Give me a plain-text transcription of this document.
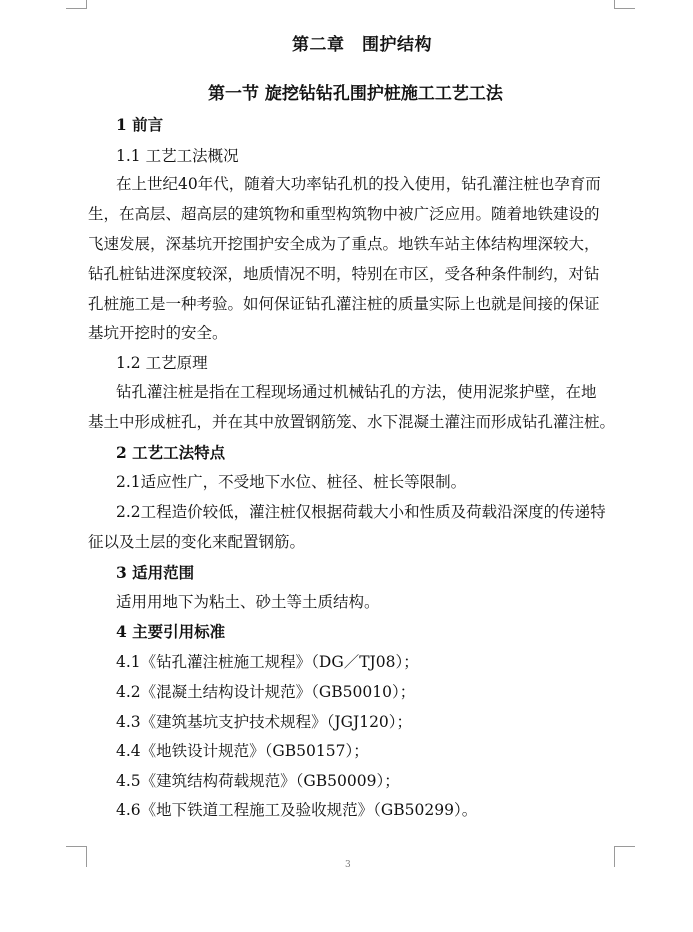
第二章　围护结构
第一节 旋挖钻钻孔围护桩施工工艺工法
1 前言
1.1 工艺工法概况
在上世纪40年代，随着大功率钻孔机的投入使用，钻孔灌注桩也孕育而
生，在高层、超高层的建筑物和重型构筑物中被广泛应用。随着地铁建设的
飞速发展，深基坑开挖围护安全成为了重点。地铁车站主体结构埋深较大，
钻孔桩钻进深度较深，地质情况不明，特别在市区，受各种条件制约，对钻
孔桩施工是一种考验。如何保证钻孔灌注桩的质量实际上也就是间接的保证
基坑开挖时的安全。
1.2 工艺原理
钻孔灌注桩是指在工程现场通过机械钻孔的方法，使用泥浆护壁，在地
基土中形成桩孔，并在其中放置钢筋笼、水下混凝土灌注而形成钻孔灌注桩。
2 工艺工法特点
2.1适应性广，不受地下水位、桩径、桩长等限制。
2.2工程造价较低，灌注桩仅根据荷载大小和性质及荷载沿深度的传递特
征以及土层的变化来配置钢筋。
3 适用范围
适用用地下为粘土、砂土等土质结构。
4 主要引用标准
4.1《钻孔灌注桩施工规程》（DG／TJ08）；
4.2《混凝土结构设计规范》（GB50010）；
4.3《建筑基坑支护技术规程》（JGJ120）；
4.4《地铁设计规范》（GB50157）；
4.5《建筑结构荷载规范》（GB50009）；
4.6《地下铁道工程施工及验收规范》（GB50299）。
3
